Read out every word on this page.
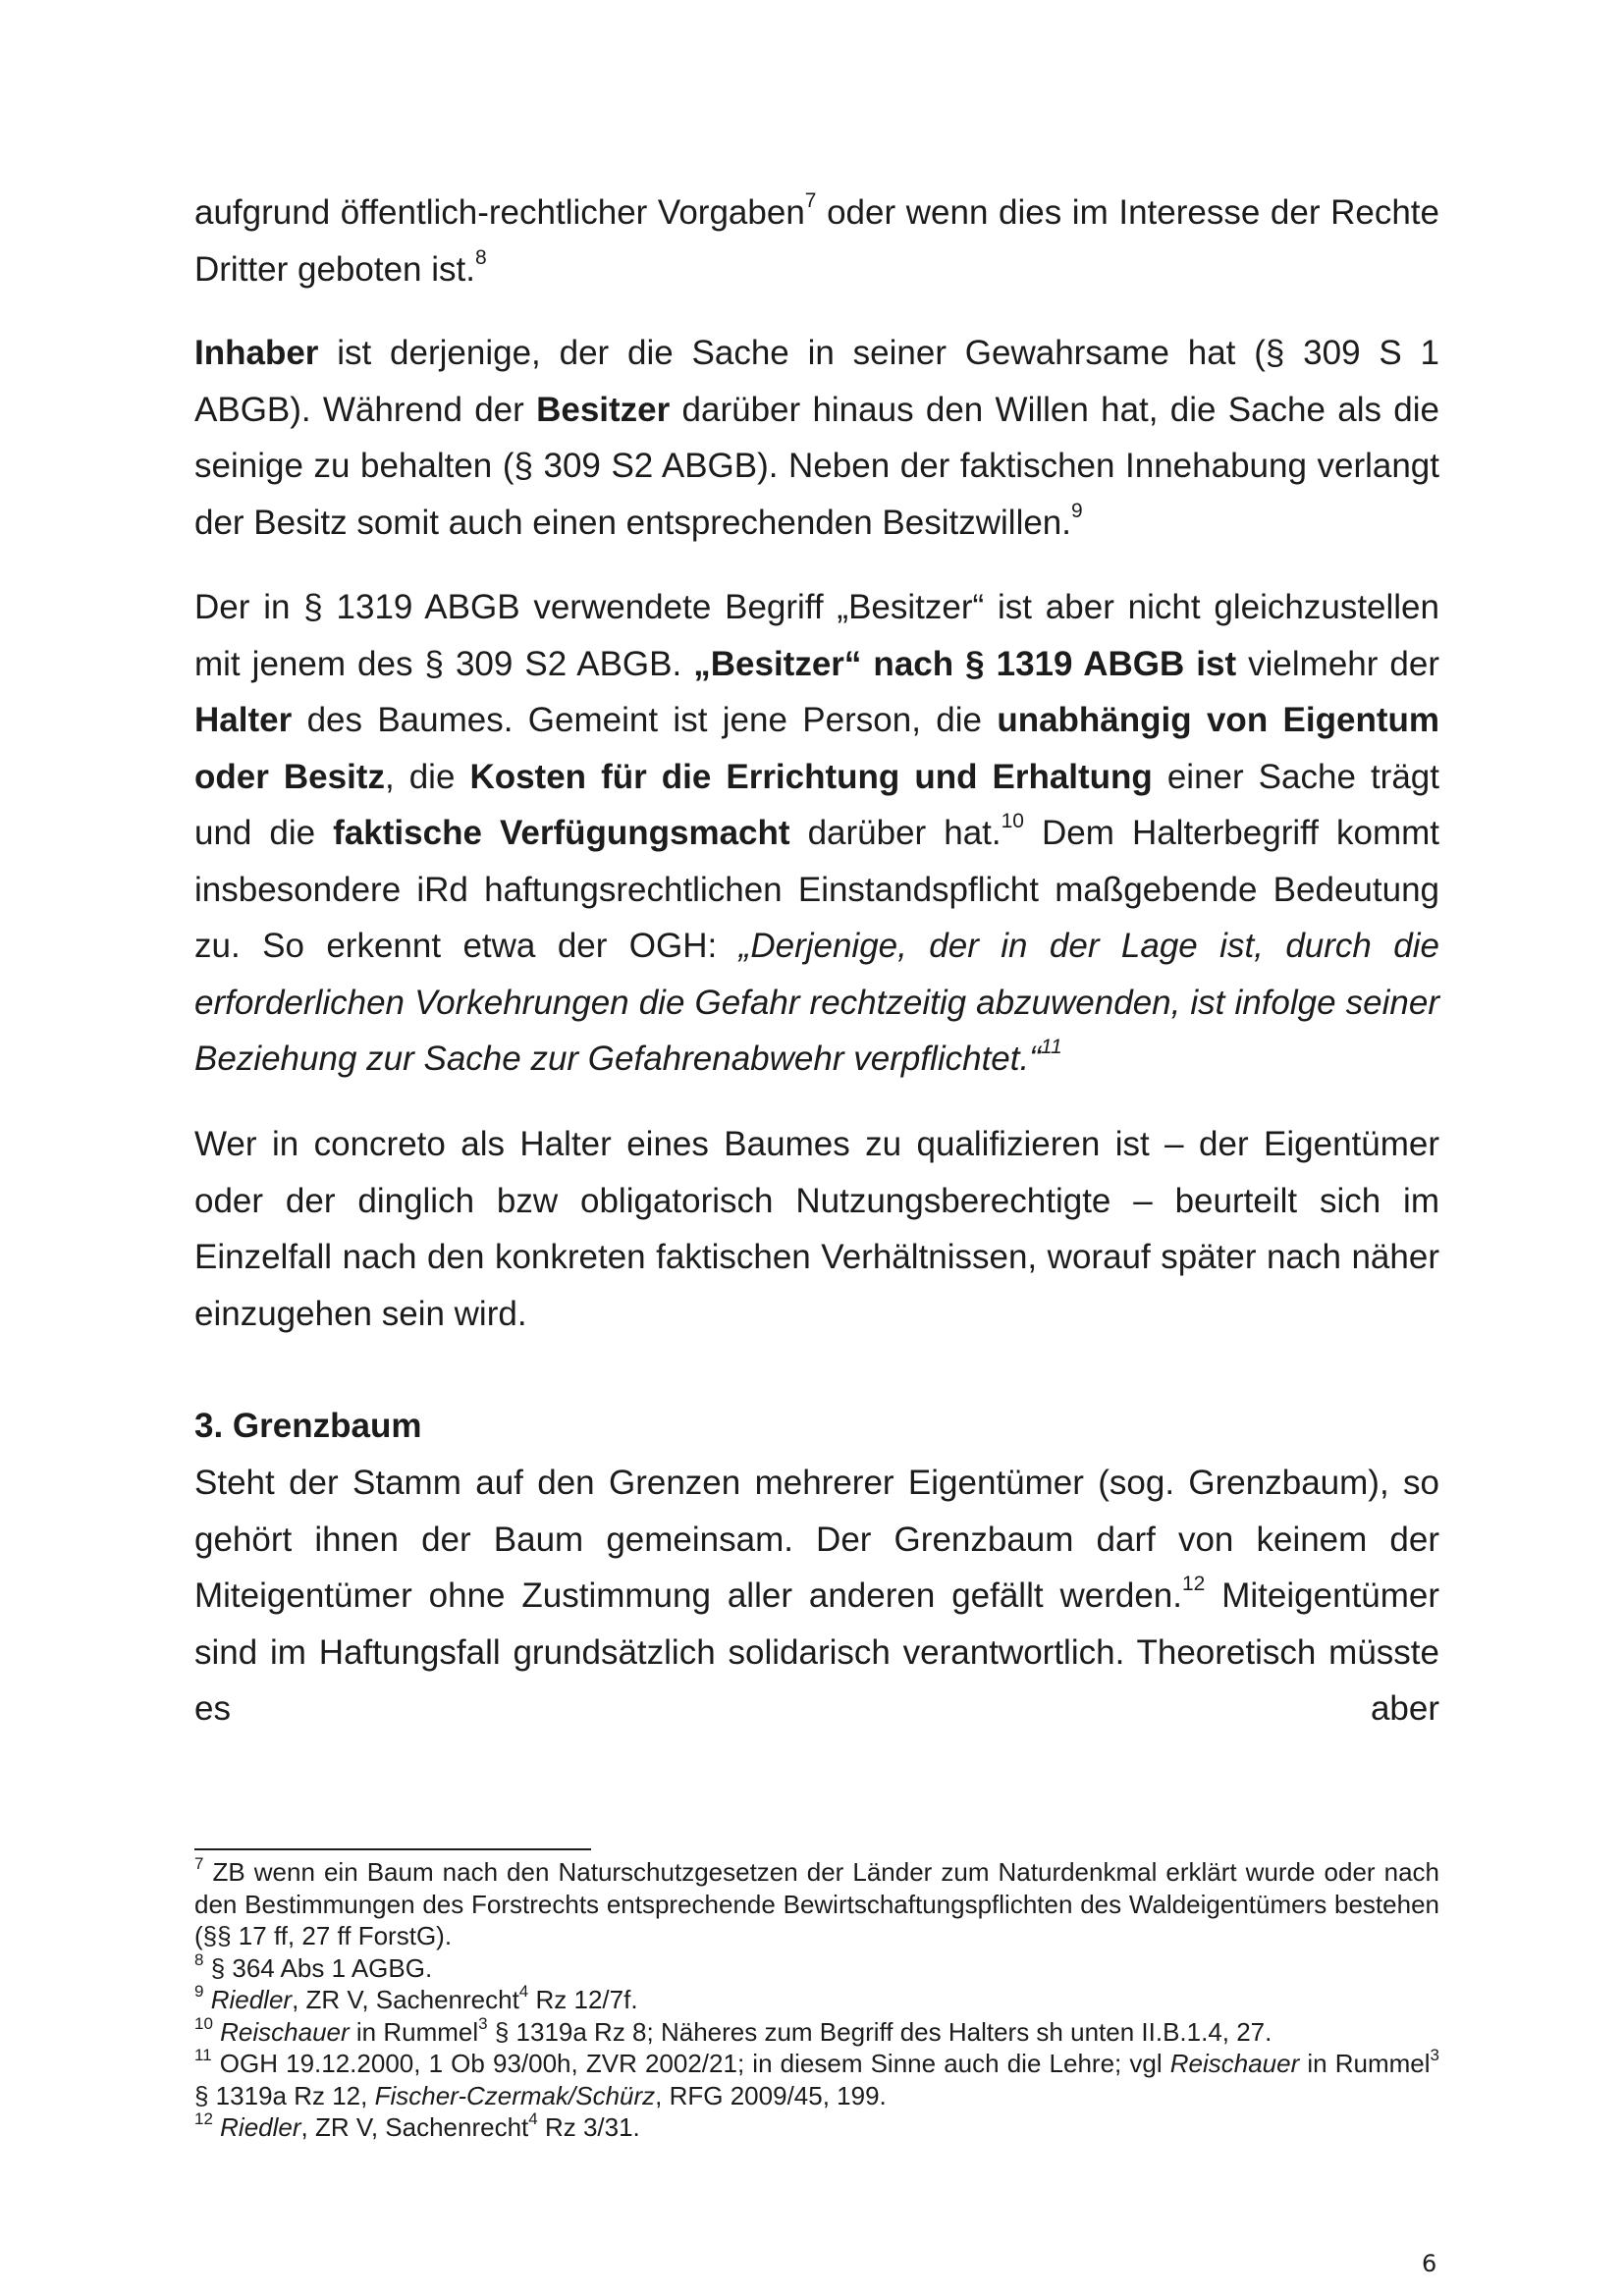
aufgrund öffentlich-rechtlicher Vorgaben$^7$ oder wenn dies im Interesse der Rechte Dritter geboten ist.$^8$

Inhaber ist derjenige, der die Sache in seiner Gewahrsame hat (§ 309 S 1 ABGB). Während der Besitzer darüber hinaus den Willen hat, die Sache als die seinige zu behalten (§ 309 S2 ABGB). Neben der faktischen Innehabung verlangt der Besitz somit auch einen entsprechenden Besitzwillen.$^9$

Der in § 1319 ABGB verwendete Begriff „Besitzer“ ist aber nicht gleichzustellen mit jenem des § 309 S2 ABGB. „Besitzer“ nach § 1319 ABGB ist vielmehr der Halter des Baumes. Gemeint ist jene Person, die unabhängig von Eigentum oder Besitz, die Kosten für die Errichtung und Erhaltung einer Sache trägt und die faktische Verfügungsmacht darüber hat.$^{10}$ Dem Halterbegriff kommt insbesondere iRd haftungsrechtlichen Einstandspflicht maßgebende Bedeutung zu. So erkennt etwa der OGH: „Derjenige, der in der Lage ist, durch die erforderlichen Vorkehrungen die Gefahr rechtzeitig abzuwenden, ist infolge seiner Beziehung zur Sache zur Gefahrenabwehr verpflichtet.“$^{11}$

Wer in concreto als Halter eines Baumes zu qualifizieren ist – der Eigentümer oder der dinglich bzw obligatorisch Nutzungsberechtigte – beurteilt sich im Einzelfall nach den konkreten faktischen Verhältnissen, worauf später nach näher einzugehen sein wird.

3. Grenzbaum

Steht der Stamm auf den Grenzen mehrerer Eigentümer (sog. Grenzbaum), so gehört ihnen der Baum gemeinsam. Der Grenzbaum darf von keinem der Miteigentümer ohne Zustimmung aller anderen gefällt werden.$^{12}$ Miteigentümer sind im Haftungsfall grundsätzlich solidarisch verantwortlich. Theoretisch müsste es aber

$^7$ ZB wenn ein Baum nach den Naturschutzgesetzen der Länder zum Naturdenkmal erklärt wurde oder nach den Bestimmungen des Forstrechts entsprechende Bewirtschaftungspflichten des Waldeigentümers bestehen (§§ 17 ff, 27 ff ForstG).

$^8$ § 364 Abs 1 AGBG.

$^9$ Riedler, ZR V, Sachenrecht$^4$ Rz 12/7f.

$^{10}$ Reischauer in Rummel$^3$ § 1319a Rz 8; Näheres zum Begriff des Halters sh unten II.B.1.4, 27.

$^{11}$ OGH 19.12.2000, 1 Ob 93/00h, ZVR 2002/21; in diesem Sinne auch die Lehre; vgl Reischauer in Rummel$^3$ § 1319a Rz 12, Fischer-Czermak/Schürz, RFG 2009/45, 199.

$^{12}$ Riedler, ZR V, Sachenrecht$^4$ Rz 3/31.

6
